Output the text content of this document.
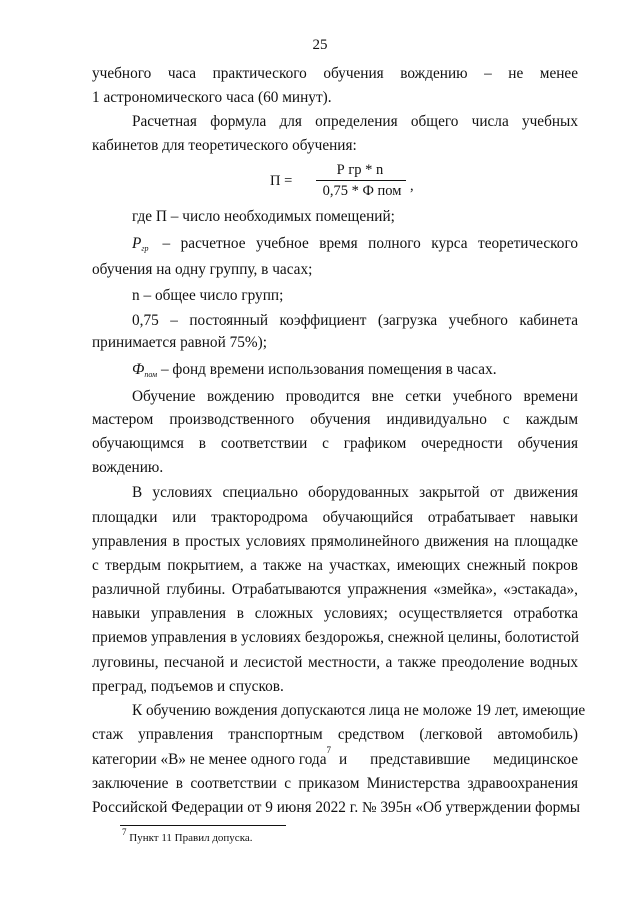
25
учебного часа практического обучения вождению – не менее
1 астрономического часа (60 минут).
Расчетная формула для определения общего числа учебных
кабинетов для теоретического обучения:
П =
Р гр * n
0,75 * Ф пом ,
где П – число необходимых помещений;
$Р_{гр}$ – расчетное учебное время полного курса теоретического
обучения на одну группу, в часах;
n – общее число групп;
0,75 – постоянный коэффициент (загрузка учебного кабинета
принимается равной 75%);
$Ф_{пом}$ – фонд времени использования помещения в часах.
Обучение вождению проводится вне сетки учебного времени
мастером производственного обучения индивидуально с каждым
обучающимся в соответствии с графиком очередности обучения
вождению.
В условиях специально оборудованных закрытой от движения
площадки или трактородрома обучающийся отрабатывает навыки
управления в простых условиях прямолинейного движения на площадке
с твердым покрытием, а также на участках, имеющих снежный покров
различной глубины. Отрабатываются упражнения «змейка», «эстакада»,
навыки управления в сложных условиях; осуществляется отработка
приемов управления в условиях бездорожья, снежной целины, болотистой
луговины, песчаной и лесистой местности, а также преодоление водных
преград, подъемов и спусков.
К обучению вождения допускаются лица не моложе 19 лет, имеющие
стаж управления транспортным средством (легковой автомобиль)
категории «В» не менее одного года
7
и представившие медицинское
заключение в соответствии с приказом Министерства здравоохранения
Российской Федерации от 9 июня 2022 г. № 395н «Об утверждении формы
$^7$ Пункт 11 Правил допуска.
